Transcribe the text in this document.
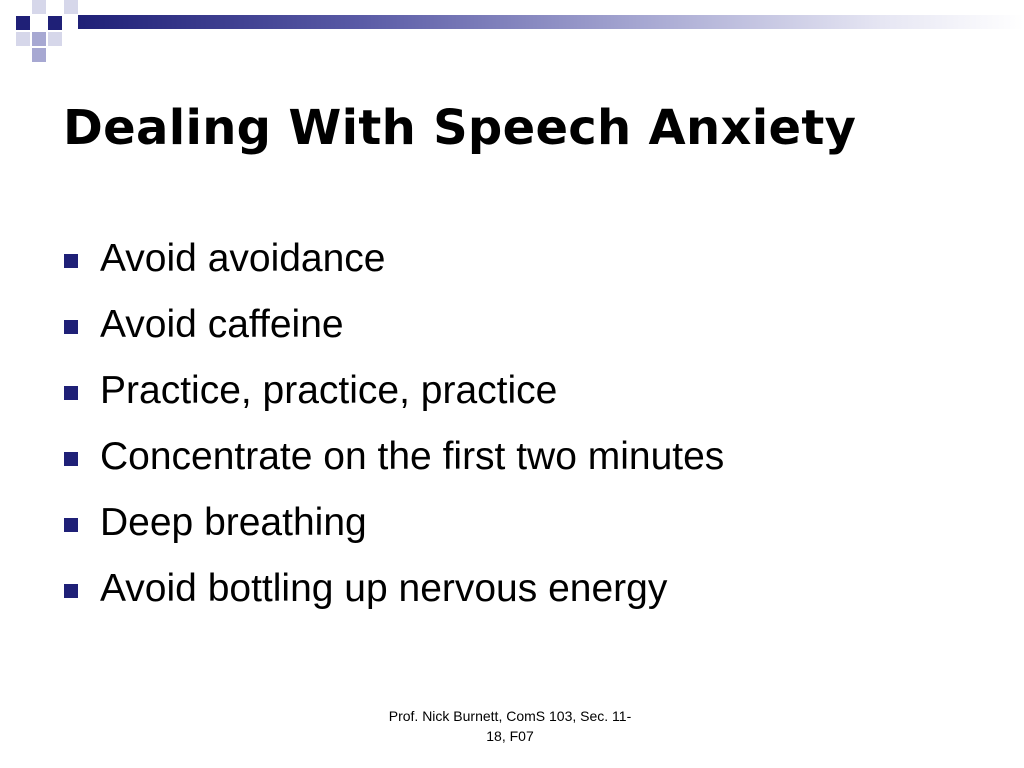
Dealing With Speech Anxiety
Avoid avoidance
Avoid caffeine
Practice, practice, practice
Concentrate on the first two minutes
Deep breathing
Avoid bottling up nervous energy
Prof. Nick Burnett, ComS 103, Sec. 11-
18, F07
